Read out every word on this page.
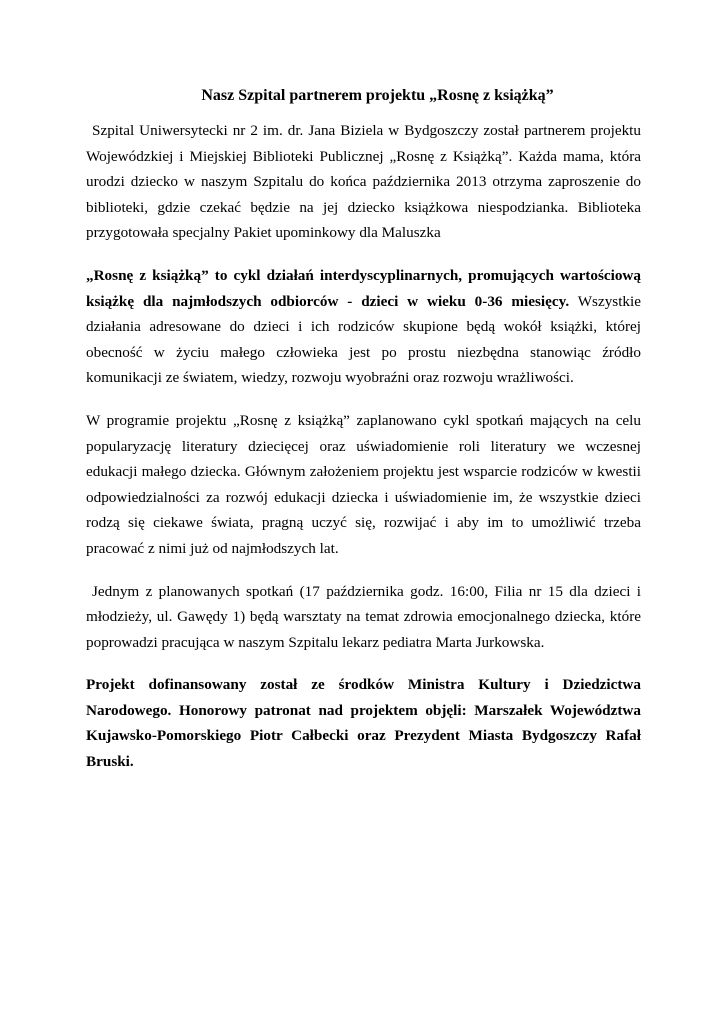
Nasz Szpital partnerem projektu „Rosnę z książką”

Szpital Uniwersytecki nr 2 im. dr. Jana Biziela w Bydgoszczy został partnerem projektu Wojewódzkiej i Miejskiej Biblioteki Publicznej „Rosnę z Książką”. Każda mama, która urodzi dziecko w naszym Szpitalu do końca października 2013 otrzyma zaproszenie do biblioteki, gdzie czekać będzie na jej dziecko książkowa niespodzianka. Biblioteka przygotowała specjalny Pakiet upominkowy dla Maluszka

„Rosnę z książką” to cykl działań interdyscyplinarnych, promujących wartościową książkę dla najmłodszych odbiorców - dzieci w wieku 0-36 miesięcy. Wszystkie działania adresowane do dzieci i ich rodziców skupione będą wokół książki, której obecność w życiu małego człowieka jest po prostu niezbędna stanowiąc źródło komunikacji ze światem, wiedzy, rozwoju wyobraźni oraz rozwoju wrażliwości.

W programie projektu „Rosnę z książką” zaplanowano cykl spotkań mających na celu popularyzację literatury dziecięcej oraz uświadomienie roli literatury we wczesnej edukacji małego dziecka. Głównym założeniem projektu jest wsparcie rodziców w kwestii odpowiedzialności za rozwój edukacji dziecka i uświadomienie im, że wszystkie dzieci rodzą się ciekawe świata, pragną uczyć się, rozwijać i aby im to umożliwić trzeba pracować z nimi już od najmłodszych lat.

Jednym z planowanych spotkań (17 października godz. 16:00, Filia nr 15 dla dzieci i młodzieży, ul. Gawędy 1) będą warsztaty na temat zdrowia emocjonalnego dziecka, które poprowadzi pracująca w naszym Szpitalu lekarz pediatra Marta Jurkowska.

Projekt dofinansowany został ze środków Ministra Kultury i Dziedzictwa Narodowego. Honorowy patronat nad projektem objęli: Marszałek Województwa Kujawsko-Pomorskiego Piotr Całbecki oraz Prezydent Miasta Bydgoszczy Rafał Bruski.
